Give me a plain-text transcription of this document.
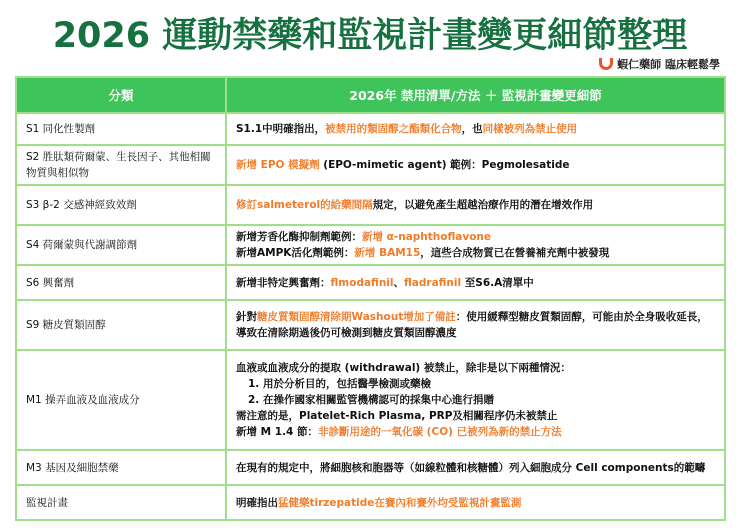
2026 運動禁藥和監視計畫變更細節整理
蝦仁藥師 臨床輕鬆學
分類	2026年 禁用清單/方法 ＋ 監視計畫變更細節
S1 同化性製劑	S1.1中明確指出，被禁用的類固醇之酯類化合物，也同樣被列為禁止使用

S2 胜肽類荷爾蒙、生長因子、其他相關物質與相似物	新增 EPO 模擬劑 (EPO-mimetic agent) 範例：Pegmolesatide

S3 β-2 交感神經致效劑	修訂salmeterol的給藥間隔規定，以避免產生超越治療作用的潛在增效作用

S4 荷爾蒙與代謝調節劑	新增芳香化酶抑制劑範例：新增 α-naphthoflavone
新增AMPK活化劑範例：新增 BAM15，這些合成物質已在營養補充劑中被發現

S6 興奮劑	新增非特定興奮劑：flmodafinil、fladrafinil 至S6.A清單中

S9 糖皮質類固醇	針對糖皮質類固醇清除期Washout增加了備註：使用緩釋型糖皮質類固醇，可能由於全身吸收延長，導致在清除期過後仍可檢測到糖皮質類固醇濃度

M1 操弄血液及血液成分	血液或血液成分的提取 (withdrawal) 被禁止，除非是以下兩種情況：
1. 用於分析目的，包括醫學檢測或藥檢
2. 在操作國家相關監管機構認可的採集中心進行捐贈
需注意的是，Platelet-Rich Plasma, PRP及相關程序仍未被禁止
新增 M 1.4 節：非診斷用途的一氧化碳 (CO) 已被列為新的禁止方法

M3 基因及細胞禁藥	在現有的規定中，將細胞核和胞器等（如線粒體和核糖體）列入細胞成分 Cell components的範疇

監視計畫	明確指出猛健樂tirzepatide在賽內和賽外均受監視計畫監測
